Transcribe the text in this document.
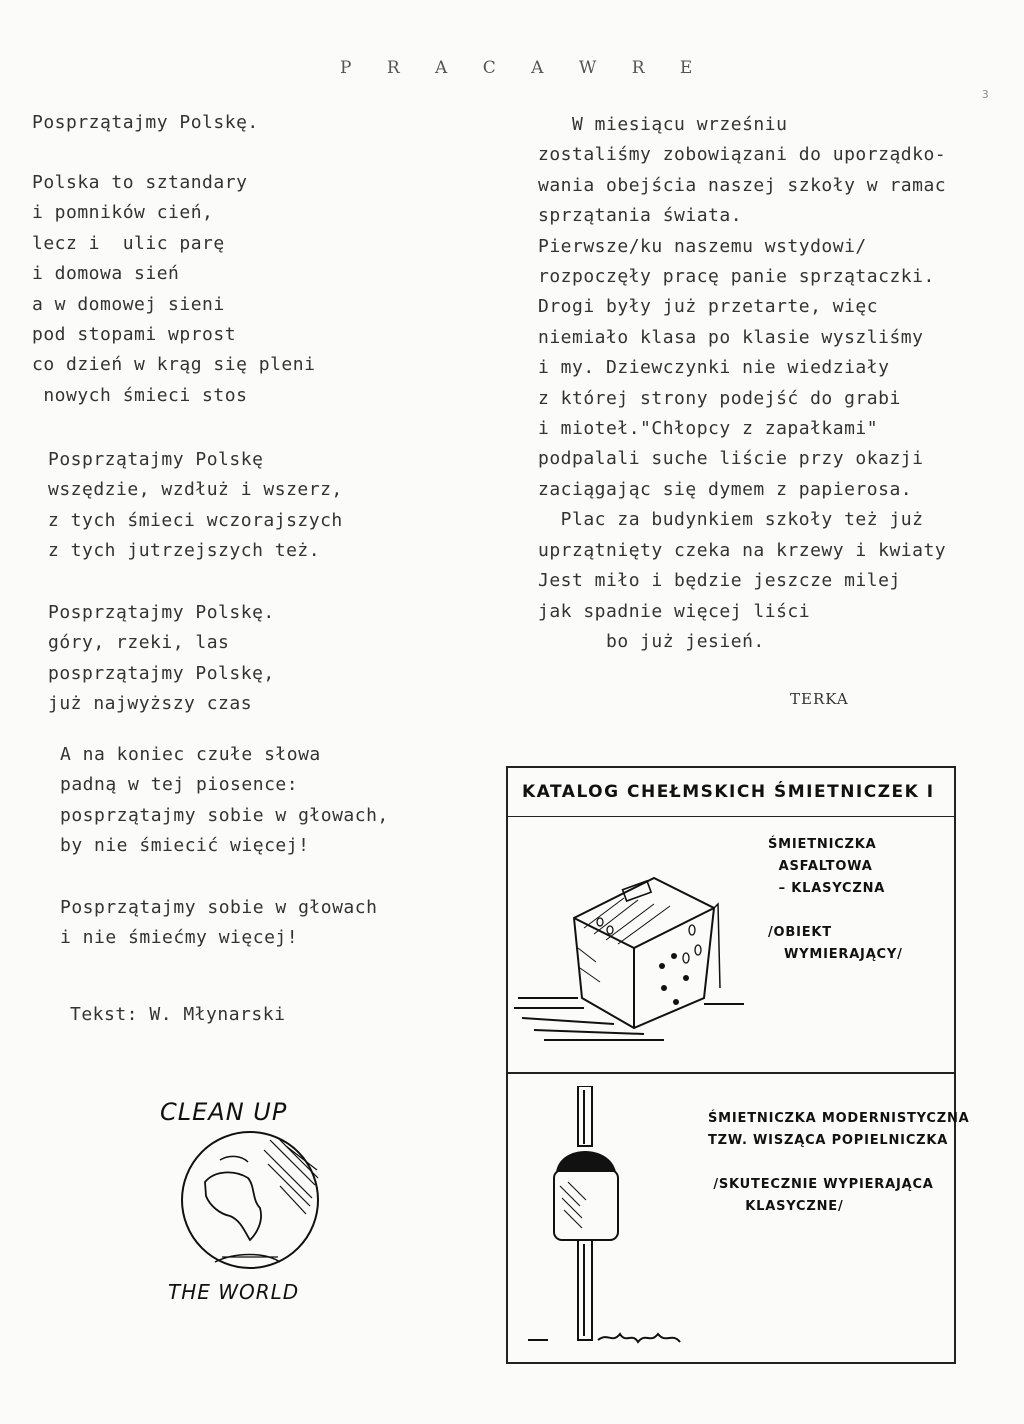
P R A C A W R E
3
Posprzątajmy Polskę.
Polska to sztandary
i pomników cień,
lecz i  ulic parę
i domowa sień
a w domowej sieni
pod stopami wprost
co dzień w krąg się pleni
nowych śmieci stos
Posprzątajmy Polskę
wszędzie, wzdłuż i wszerz,
z tych śmieci wczorajszych
z tych jutrzejszych też.
Posprzątajmy Polskę.
góry, rzeki, las
posprzątajmy Polskę,
już najwyższy czas
A na koniec czułe słowa
padną w tej piosence:
posprzątajmy sobie w głowach,
by nie śmiecić więcej!
Posprzątajmy sobie w głowach
i nie śmiećmy więcej!
Tekst: W. Młynarski
W miesiącu wrześniu
zostaliśmy zobowiązani do uporządko-
wania obejścia naszej szkoły w ramac
sprzątania świata.
Pierwsze/ku naszemu wstydowi/
rozpoczęły pracę panie sprzątaczki.
Drogi były już przetarte, więc
niemiało klasa po klasie wyszliśmy
i my. Dziewczynki nie wiedziały
z której strony podejść do grabi
i mioteł."Chłopcy z zapałkami"
podpalali suche liście przy okazji
zaciągając się dymem z papierosa.
Plac za budynkiem szkoły też już
uprzątnięty czeka na krzewy i kwiaty
Jest miło i będzie jeszcze milej
jak spadnie więcej liści
bo już jesień.
TERKA
CLEAN UP
THE WORLD
KATALOG CHEŁMSKICH ŚMIETNICZEK I
ŚMIETNICZKA
ASFALTOWA
– KLASYCZNA

/OBIEKT
WYMIERAJĄCY/
ŚMIETNICZKA MODERNISTYCZNA
TZW. WISZĄCA POPIELNICZKA

/SKUTECZNIE WYPIERAJĄCA
KLASYCZNE/
